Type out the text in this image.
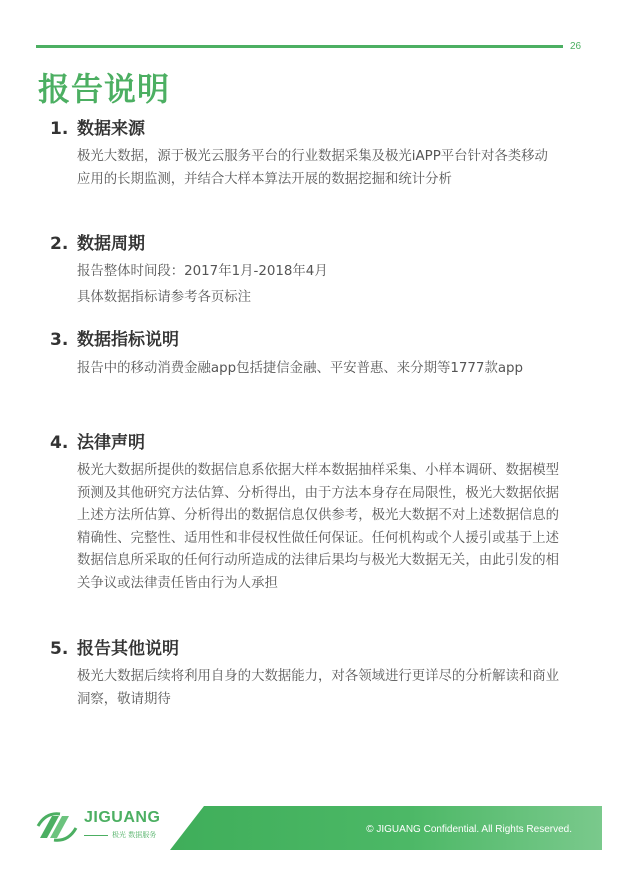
26
报告说明
1. 数据来源

极光大数据，源于极光云服务平台的行业数据采集及极光iAPP平台针对各类移动应用的长期监测，并结合大样本算法开展的数据挖掘和统计分析

2. 数据周期

报告整体时间段：2017年1月-2018年4月

具体数据指标请参考各页标注

3. 数据指标说明

报告中的移动消费金融app包括捷信金融、平安普惠、来分期等1777款app

4. 法律声明

极光大数据所提供的数据信息系依据大样本数据抽样采集、小样本调研、数据模型预测及其他研究方法估算、分析得出，由于方法本身存在局限性，极光大数据依据上述方法所估算、分析得出的数据信息仅供参考，极光大数据不对上述数据信息的精确性、完整性、适用性和非侵权性做任何保证。任何机构或个人援引或基于上述数据信息所采取的任何行动所造成的法律后果均与极光大数据无关，由此引发的相关争议或法律责任皆由行为人承担

5. 报告其他说明

极光大数据后续将利用自身的大数据能力，对各领域进行更详尽的分析解读和商业洞察，敬请期待

JIGUANG
极光 数据服务	© JIGUANG Confidential. All Rights Reserved.
